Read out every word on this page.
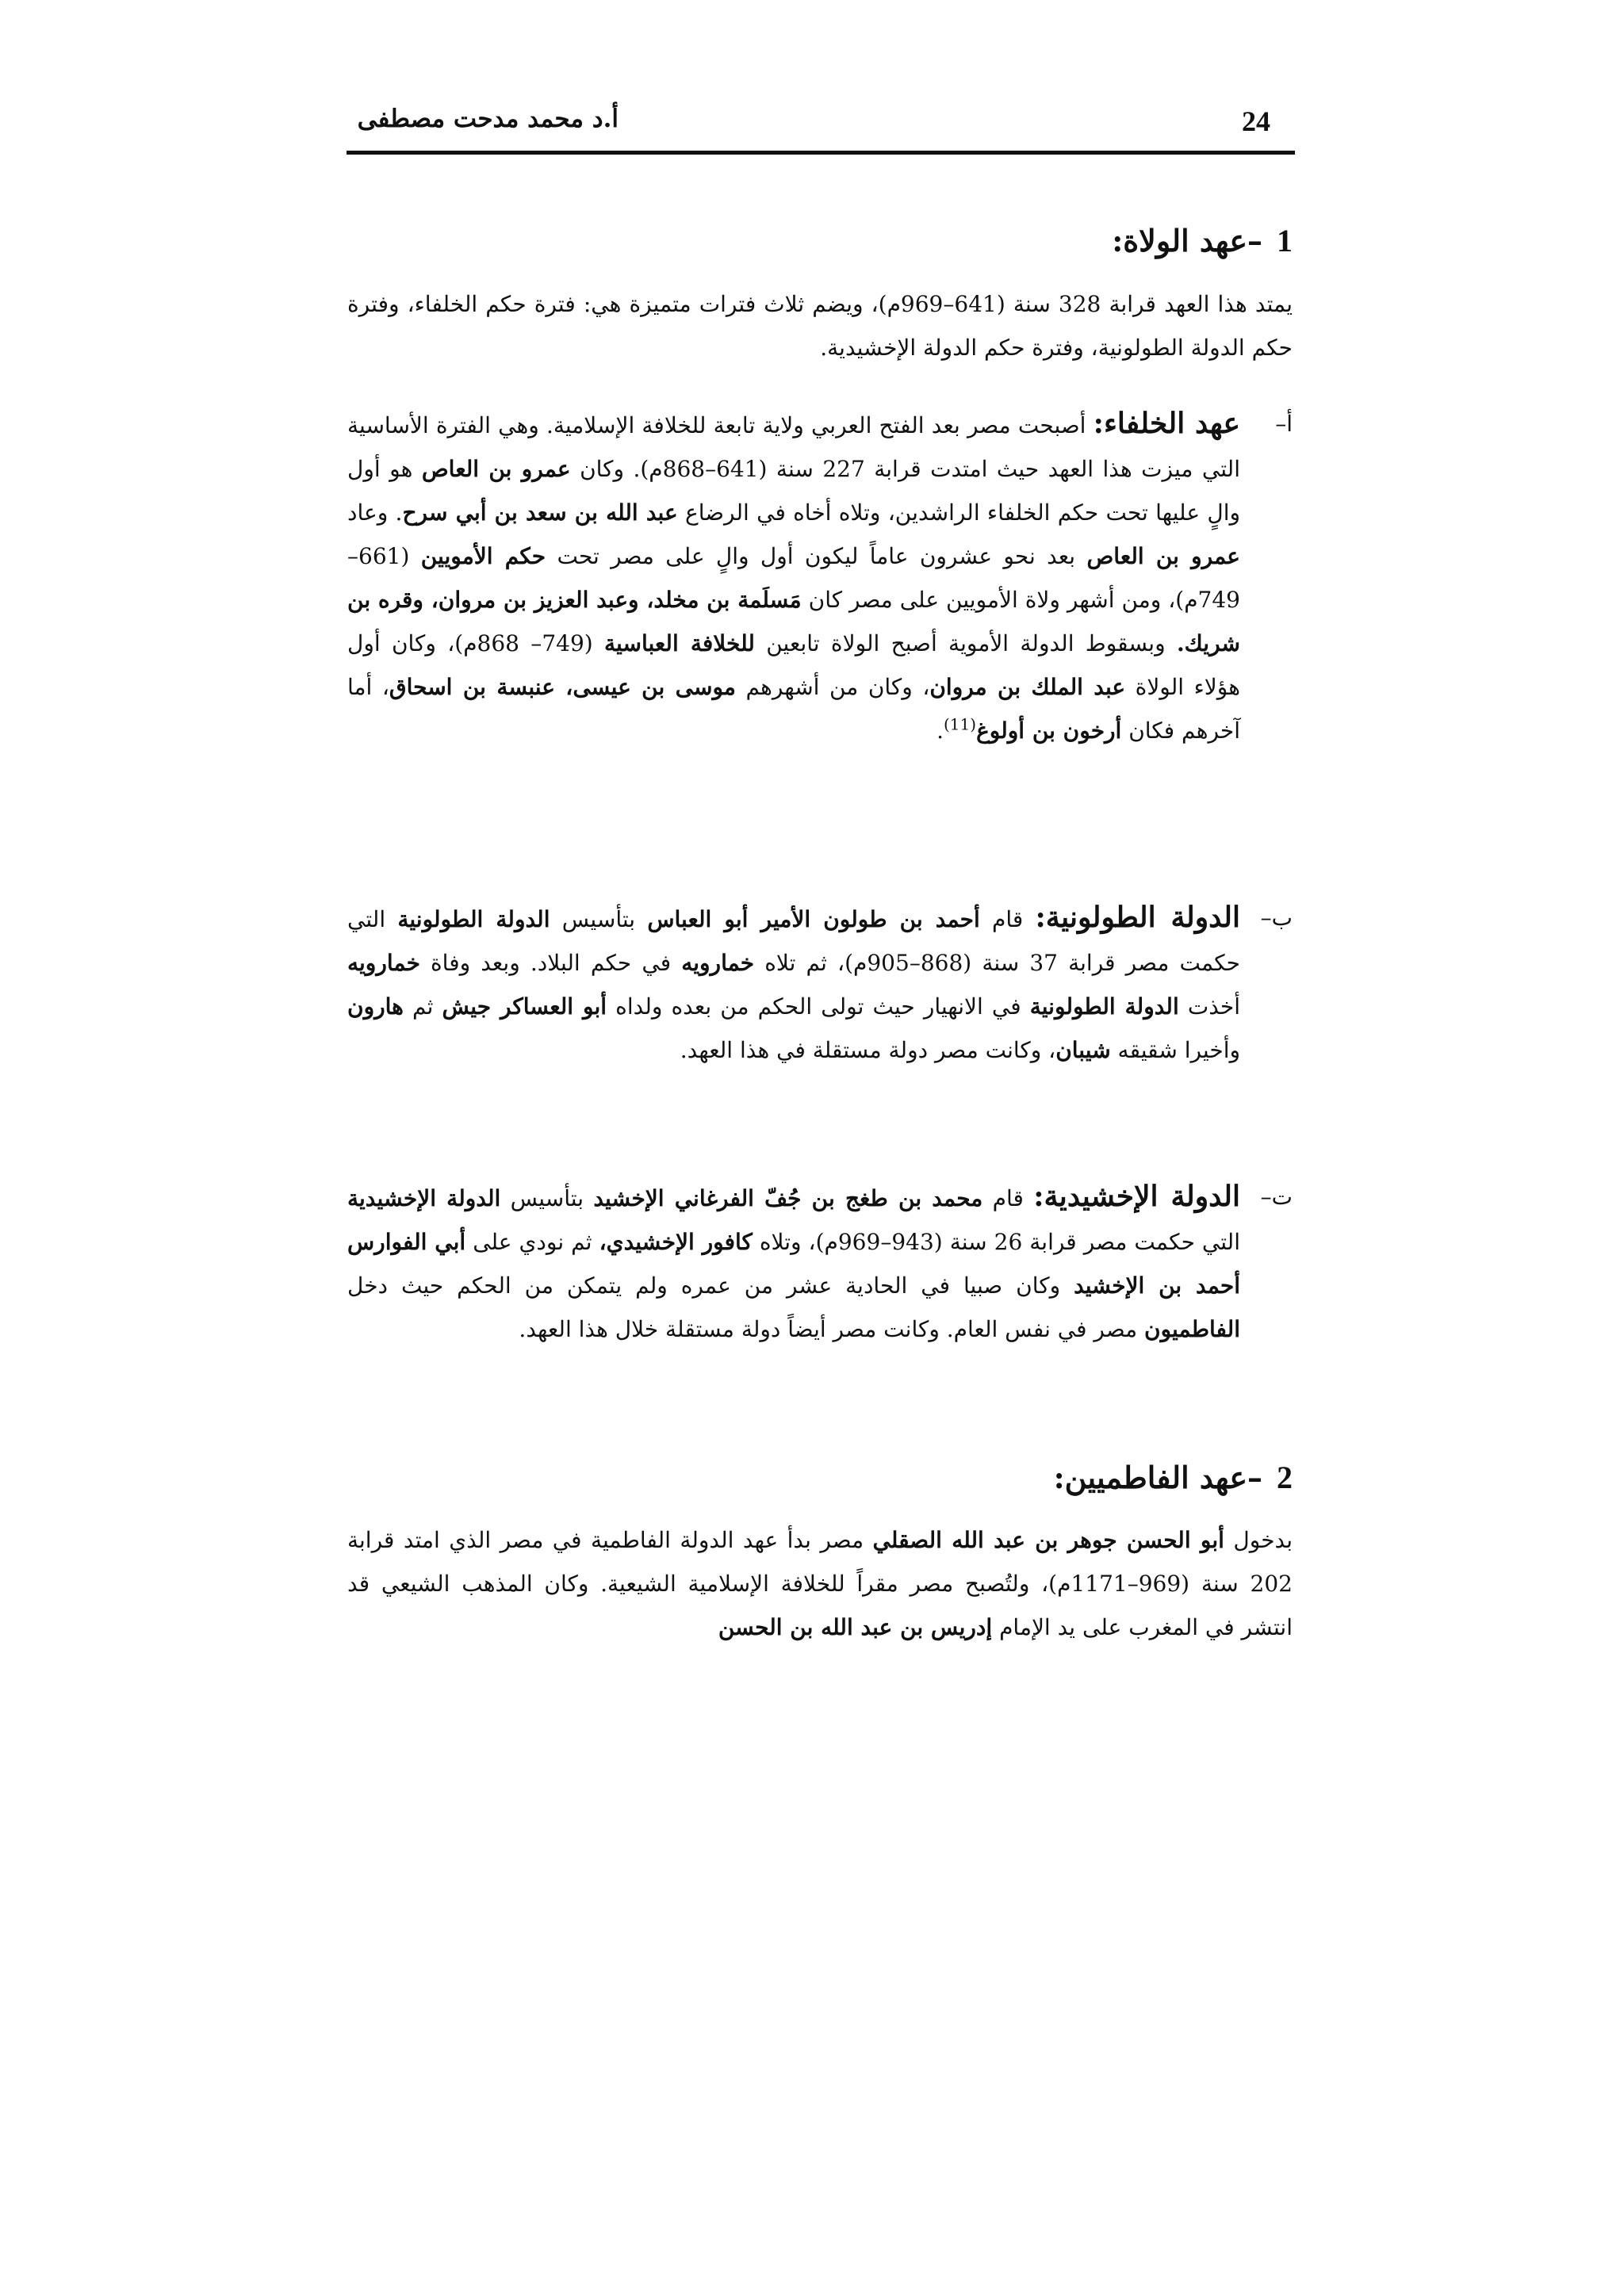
24
أ.د محمد مدحت مصطفى
1–عهد الولاة:
يمتد هذا العهد قرابة 328 سنة (641–969م)، ويضم ثلاث فترات متميزة هي: فترة حكم الخلفاء، وفترة حكم الدولة الطولونية، وفترة حكم الدولة الإخشيدية.
أ–
عهد الخلفاء: أصبحت مصر بعد الفتح العربي ولاية تابعة للخلافة الإسلامية. وهي الفترة الأساسية التي ميزت هذا العهد حيث امتدت قرابة 227 سنة (641–868م). وكان عمرو بن العاص هو أول والٍ عليها تحت حكم الخلفاء الراشدين، وتلاه أخاه في الرضاع عبد الله بن سعد بن أبي سرح. وعاد عمرو بن العاص بعد نحو عشرون عاماً ليكون أول والٍ على مصر تحت حكم الأمويين (661–749م)، ومن أشهر ولاة الأمويين على مصر كان مَسلَمة بن مخلد، وعبد العزيز بن مروان، وقره بن شريك. وبسقوط الدولة الأموية أصبح الولاة تابعين للخلافة العباسية (749– 868م)، وكان أول هؤلاء الولاة عبد الملك بن مروان، وكان من أشهرهم موسى بن عيسى، عنبسة بن اسحاق، أما آخرهم فكان أرخون بن أولوغ$^{(11)}$.
ب–
الدولة الطولونية: قام أحمد بن طولون الأمير أبو العباس بتأسيس الدولة الطولونية التي حكمت مصر قرابة 37 سنة (868–905م)، ثم تلاه خمارويه في حكم البلاد. وبعد وفاة خمارويه أخذت الدولة الطولونية في الانهيار حيث تولى الحكم من بعده ولداه أبو العساكر جيش ثم هارون وأخيرا شقيقه شيبان، وكانت مصر دولة مستقلة في هذا العهد.
ت–
الدولة الإخشيدية: قام محمد بن طغج بن جُفّ الفرغاني الإخشيد بتأسيس الدولة الإخشيدية التي حكمت مصر قرابة 26 سنة (943–969م)، وتلاه كافور الإخشيدي، ثم نودي على أبي الفوارس أحمد بن الإخشيد وكان صبيا في الحادية عشر من عمره ولم يتمكن من الحكم حيث دخل الفاطميون مصر في نفس العام. وكانت مصر أيضاً دولة مستقلة خلال هذا العهد.
2–عهد الفاطميين:
بدخول أبو الحسن جوهر بن عبد الله الصقلي مصر بدأ عهد الدولة الفاطمية في مصر الذي امتد قرابة 202 سنة (969–1171م)، ولتُصبح مصر مقراً للخلافة الإسلامية الشيعية. وكان المذهب الشيعي قد انتشر في المغرب على يد الإمام إدريس بن عبد الله بن الحسن
